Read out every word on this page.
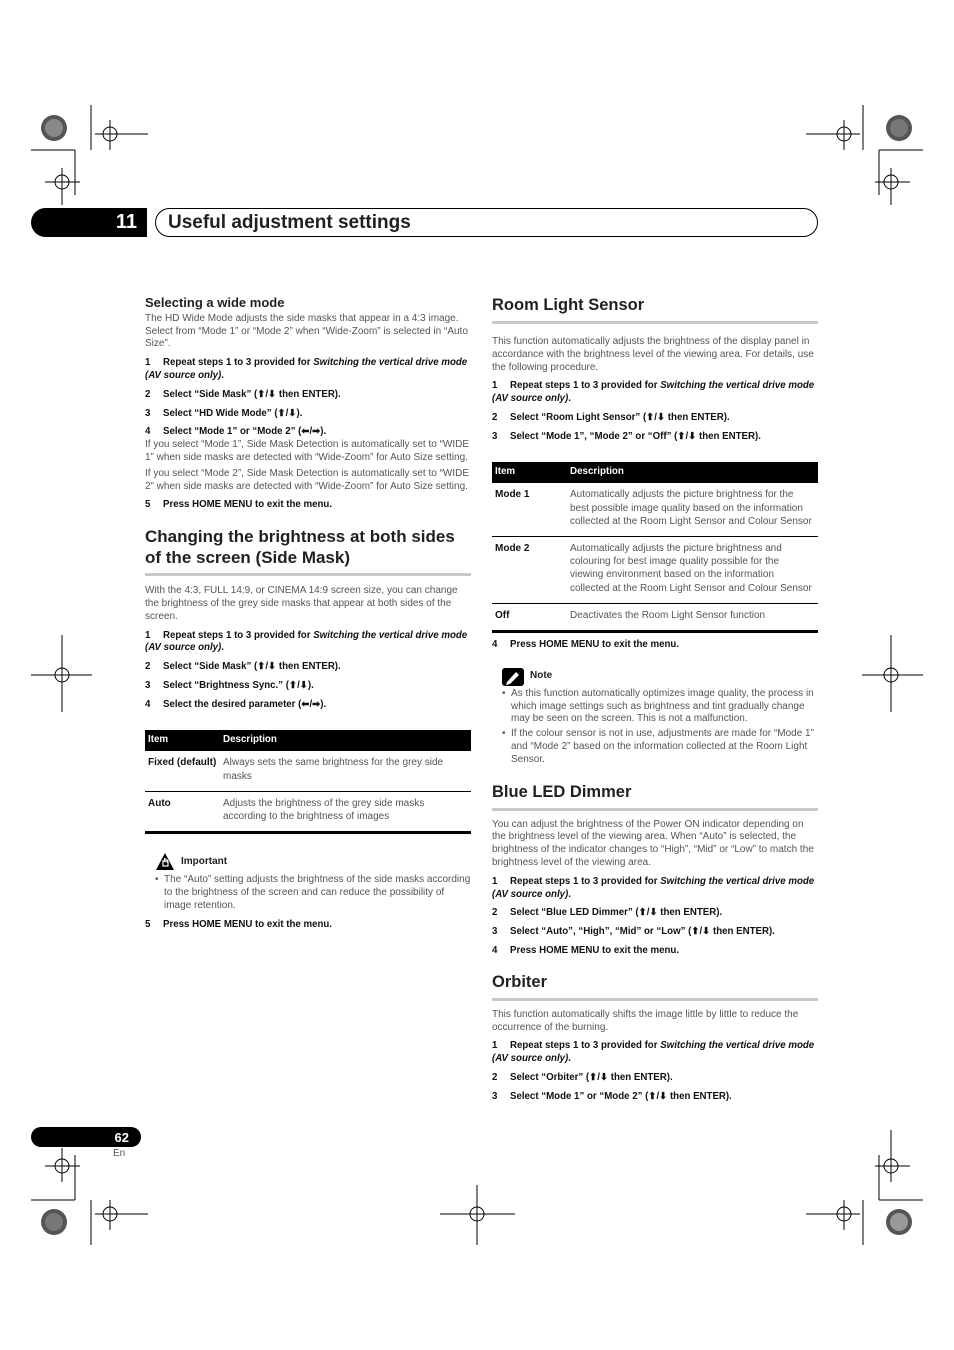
11 Useful adjustment settings
Selecting a wide mode

The HD Wide Mode adjusts the side masks that appear in a 4:3 image. Select from “Mode 1” or “Mode 2” when “Wide-Zoom” is selected in “Auto Size”.

1 Repeat steps 1 to 3 provided for Switching the vertical drive mode (AV source only).
2 Select “Side Mask” (⬆/⬇ then ENTER).
3 Select “HD Wide Mode” (⬆/⬇).
4 Select “Mode 1” or “Mode 2” (⬅/➡).

If you select “Mode 1”, Side Mask Detection is automatically set to “WIDE 1” when side masks are detected with “Wide-Zoom” for Auto Size setting.

If you select “Mode 2”, Side Mask Detection is automatically set to “WIDE 2” when side masks are detected with “Wide-Zoom” for Auto Size setting.

5 Press HOME MENU to exit the menu.
Changing the brightness at both sides of the screen (Side Mask)

With the 4:3, FULL 14:9, or CINEMA 14:9 screen size, you can change the brightness of the grey side masks that appear at both sides of the screen.

1 Repeat steps 1 to 3 provided for Switching the vertical drive mode (AV source only).
2 Select “Side Mask” (⬆/⬇ then ENTER).
3 Select “Brightness Sync.” (⬆/⬇).
4 Select the desired parameter (⬅/➡).
Item	Description
Fixed (default)	Always sets the same brightness for the grey side masks
Auto	Adjusts the brightness of the grey side masks according to the brightness of images
Important
• The “Auto” setting adjusts the brightness of the side masks according to the brightness of the screen and can reduce the possibility of image retention.
5 Press HOME MENU to exit the menu.
Room Light Sensor

This function automatically adjusts the brightness of the display panel in accordance with the brightness level of the viewing area. For details, use the following procedure.

1 Repeat steps 1 to 3 provided for Switching the vertical drive mode (AV source only).
2 Select “Room Light Sensor” (⬆/⬇ then ENTER).
3 Select “Mode 1”, “Mode 2” or “Off” (⬆/⬇ then ENTER).
Item	Description
Mode 1	Automatically adjusts the picture brightness for the best possible image quality based on the information collected at the Room Light Sensor and Colour Sensor
Mode 2	Automatically adjusts the picture brightness and colouring for best image quality possible for the viewing environment based on the information collected at the Room Light Sensor and Colour Sensor
Off	Deactivates the Room Light Sensor function
4 Press HOME MENU to exit the menu.
Note
• As this function automatically optimizes image quality, the process in which image settings such as brightness and tint gradually change may be seen on the screen. This is not a malfunction.
• If the colour sensor is not in use, adjustments are made for “Mode 1” and “Mode 2” based on the information collected at the Room Light Sensor.
Blue LED Dimmer

You can adjust the brightness of the Power ON indicator depending on the brightness level of the viewing area. When “Auto” is selected, the brightness of the indicator changes to “High”, “Mid” or “Low” to match the brightness level of the viewing area.

1 Repeat steps 1 to 3 provided for Switching the vertical drive mode (AV source only).
2 Select “Blue LED Dimmer” (⬆/⬇ then ENTER).
3 Select “Auto”, “High”, “Mid” or “Low” (⬆/⬇ then ENTER).
4 Press HOME MENU to exit the menu.
Orbiter

This function automatically shifts the image little by little to reduce the occurrence of the burning.

1 Repeat steps 1 to 3 provided for Switching the vertical drive mode (AV source only).
2 Select “Orbiter” (⬆/⬇ then ENTER).
3 Select “Mode 1” or “Mode 2” (⬆/⬇ then ENTER).
62
En
